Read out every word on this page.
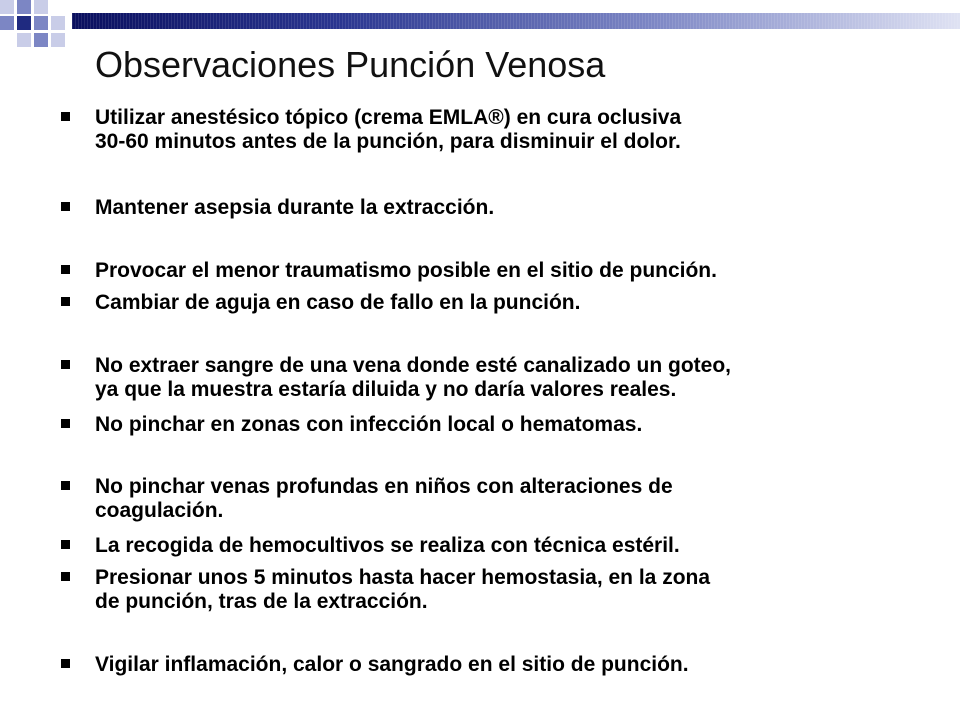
Observaciones Punción Venosa
Utilizar anestésico tópico (crema EMLA®) en cura oclusiva
30-60 minutos antes de la punción, para disminuir el dolor.
Mantener asepsia durante la extracción.
Provocar el menor traumatismo posible en el sitio de punción.
Cambiar de aguja en caso de fallo en la punción.
No extraer sangre de una vena donde esté canalizado un goteo,
ya que la muestra estaría diluida y no daría valores reales.
No pinchar en zonas con infección local o hematomas.
No pinchar venas profundas en niños con alteraciones de
coagulación.
La recogida de hemocultivos se realiza con técnica estéril.
Presionar unos 5 minutos hasta hacer hemostasia, en la zona
de punción, tras de la extracción.
Vigilar inflamación, calor o sangrado en el sitio de punción.
